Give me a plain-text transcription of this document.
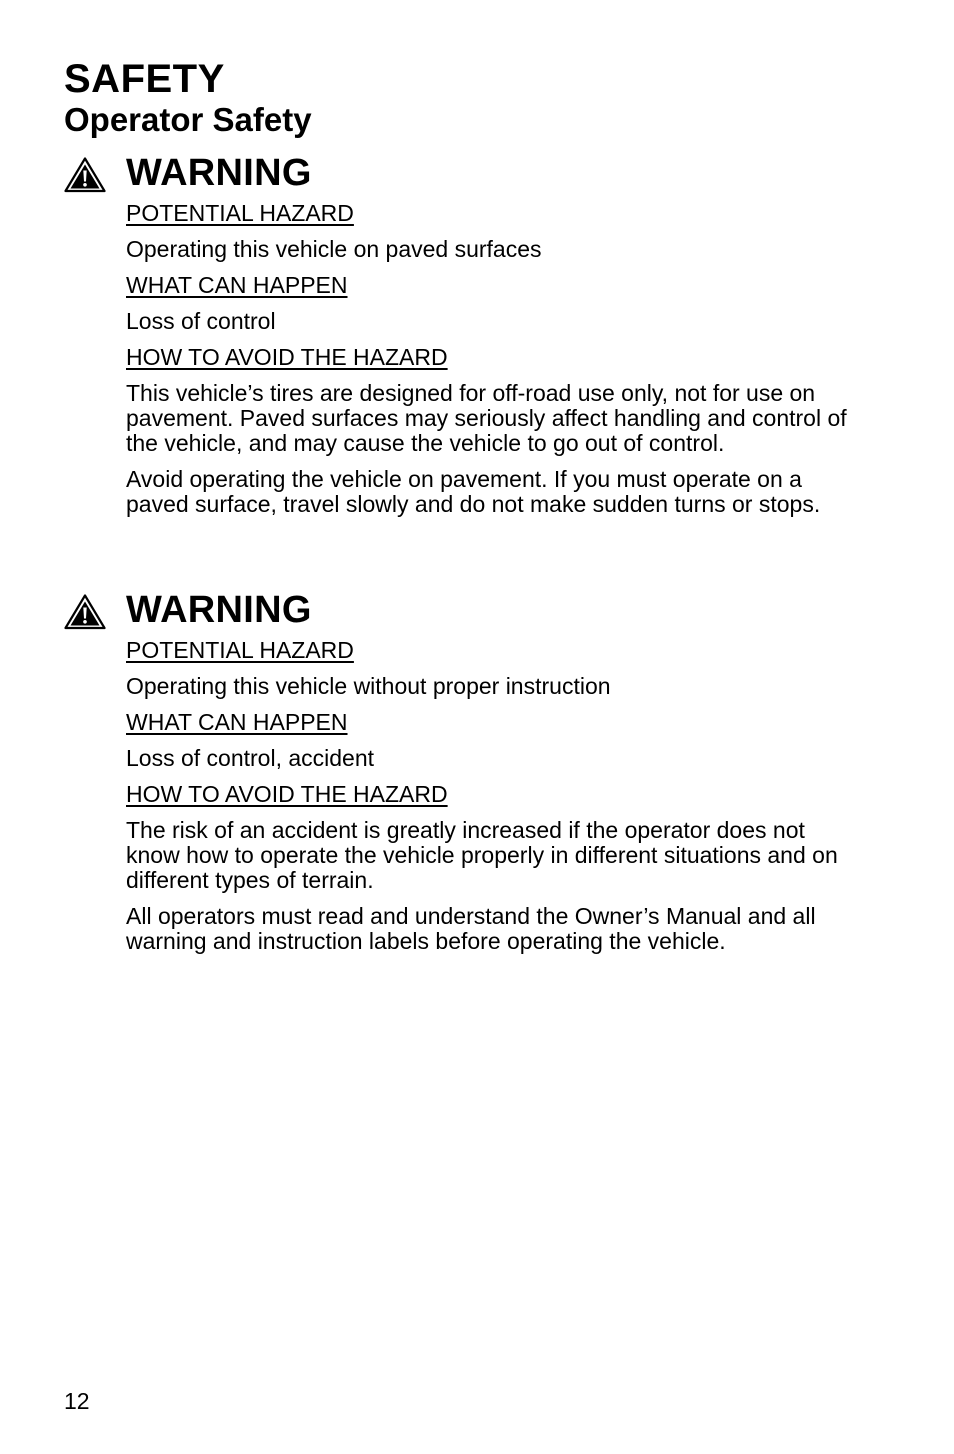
SAFETY
Operator Safety
WARNING

POTENTIAL HAZARD

Operating this vehicle on paved surfaces

WHAT CAN HAPPEN

Loss of control

HOW TO AVOID THE HAZARD

This vehicle’s tires are designed for off-road use only, not for use on pavement. Paved surfaces may seriously affect handling and control of the vehicle, and may cause the vehicle to go out of control.

Avoid operating the vehicle on pavement. If you must operate on a paved surface, travel slowly and do not make sudden turns or stops.

WARNING

POTENTIAL HAZARD

Operating this vehicle without proper instruction

WHAT CAN HAPPEN

Loss of control, accident

HOW TO AVOID THE HAZARD

The risk of an accident is greatly increased if the operator does not know how to operate the vehicle properly in different situations and on different types of terrain.

All operators must read and understand the Owner’s Manual and all warning and instruction labels before operating the vehicle.

12
